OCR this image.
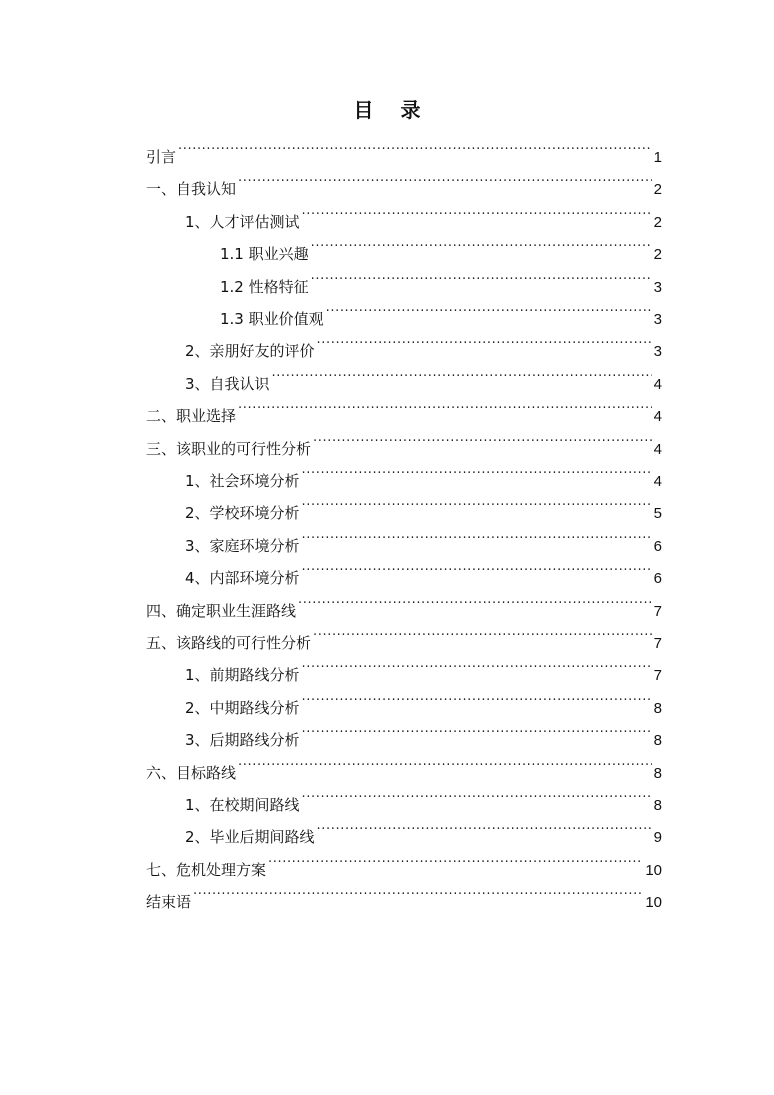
目 录
引言 .....	1
一、自我认知 .....	2
1、人才评估测试 .....	2
1.1 职业兴趣 .....	2
1.2 性格特征 .....	3
1.3 职业价值观 .....	3
2、亲朋好友的评价 .....	3
3、自我认识 .....	4
二、职业选择 .....	4
三、该职业的可行性分析 .....	4
1、社会环境分析 .....	4
2、学校环境分析 .....	5
3、家庭环境分析 .....	6
4、内部环境分析 .....	6
四、确定职业生涯路线 .....	7
五、该路线的可行性分析 .....	7
1、前期路线分析 .....	7
2、中期路线分析 .....	8
3、后期路线分析 .....	8
六、目标路线 .....	8
1、在校期间路线 .....	8
2、毕业后期间路线 .....	9
七、危机处理方案 .....	10
结束语 .....	10
